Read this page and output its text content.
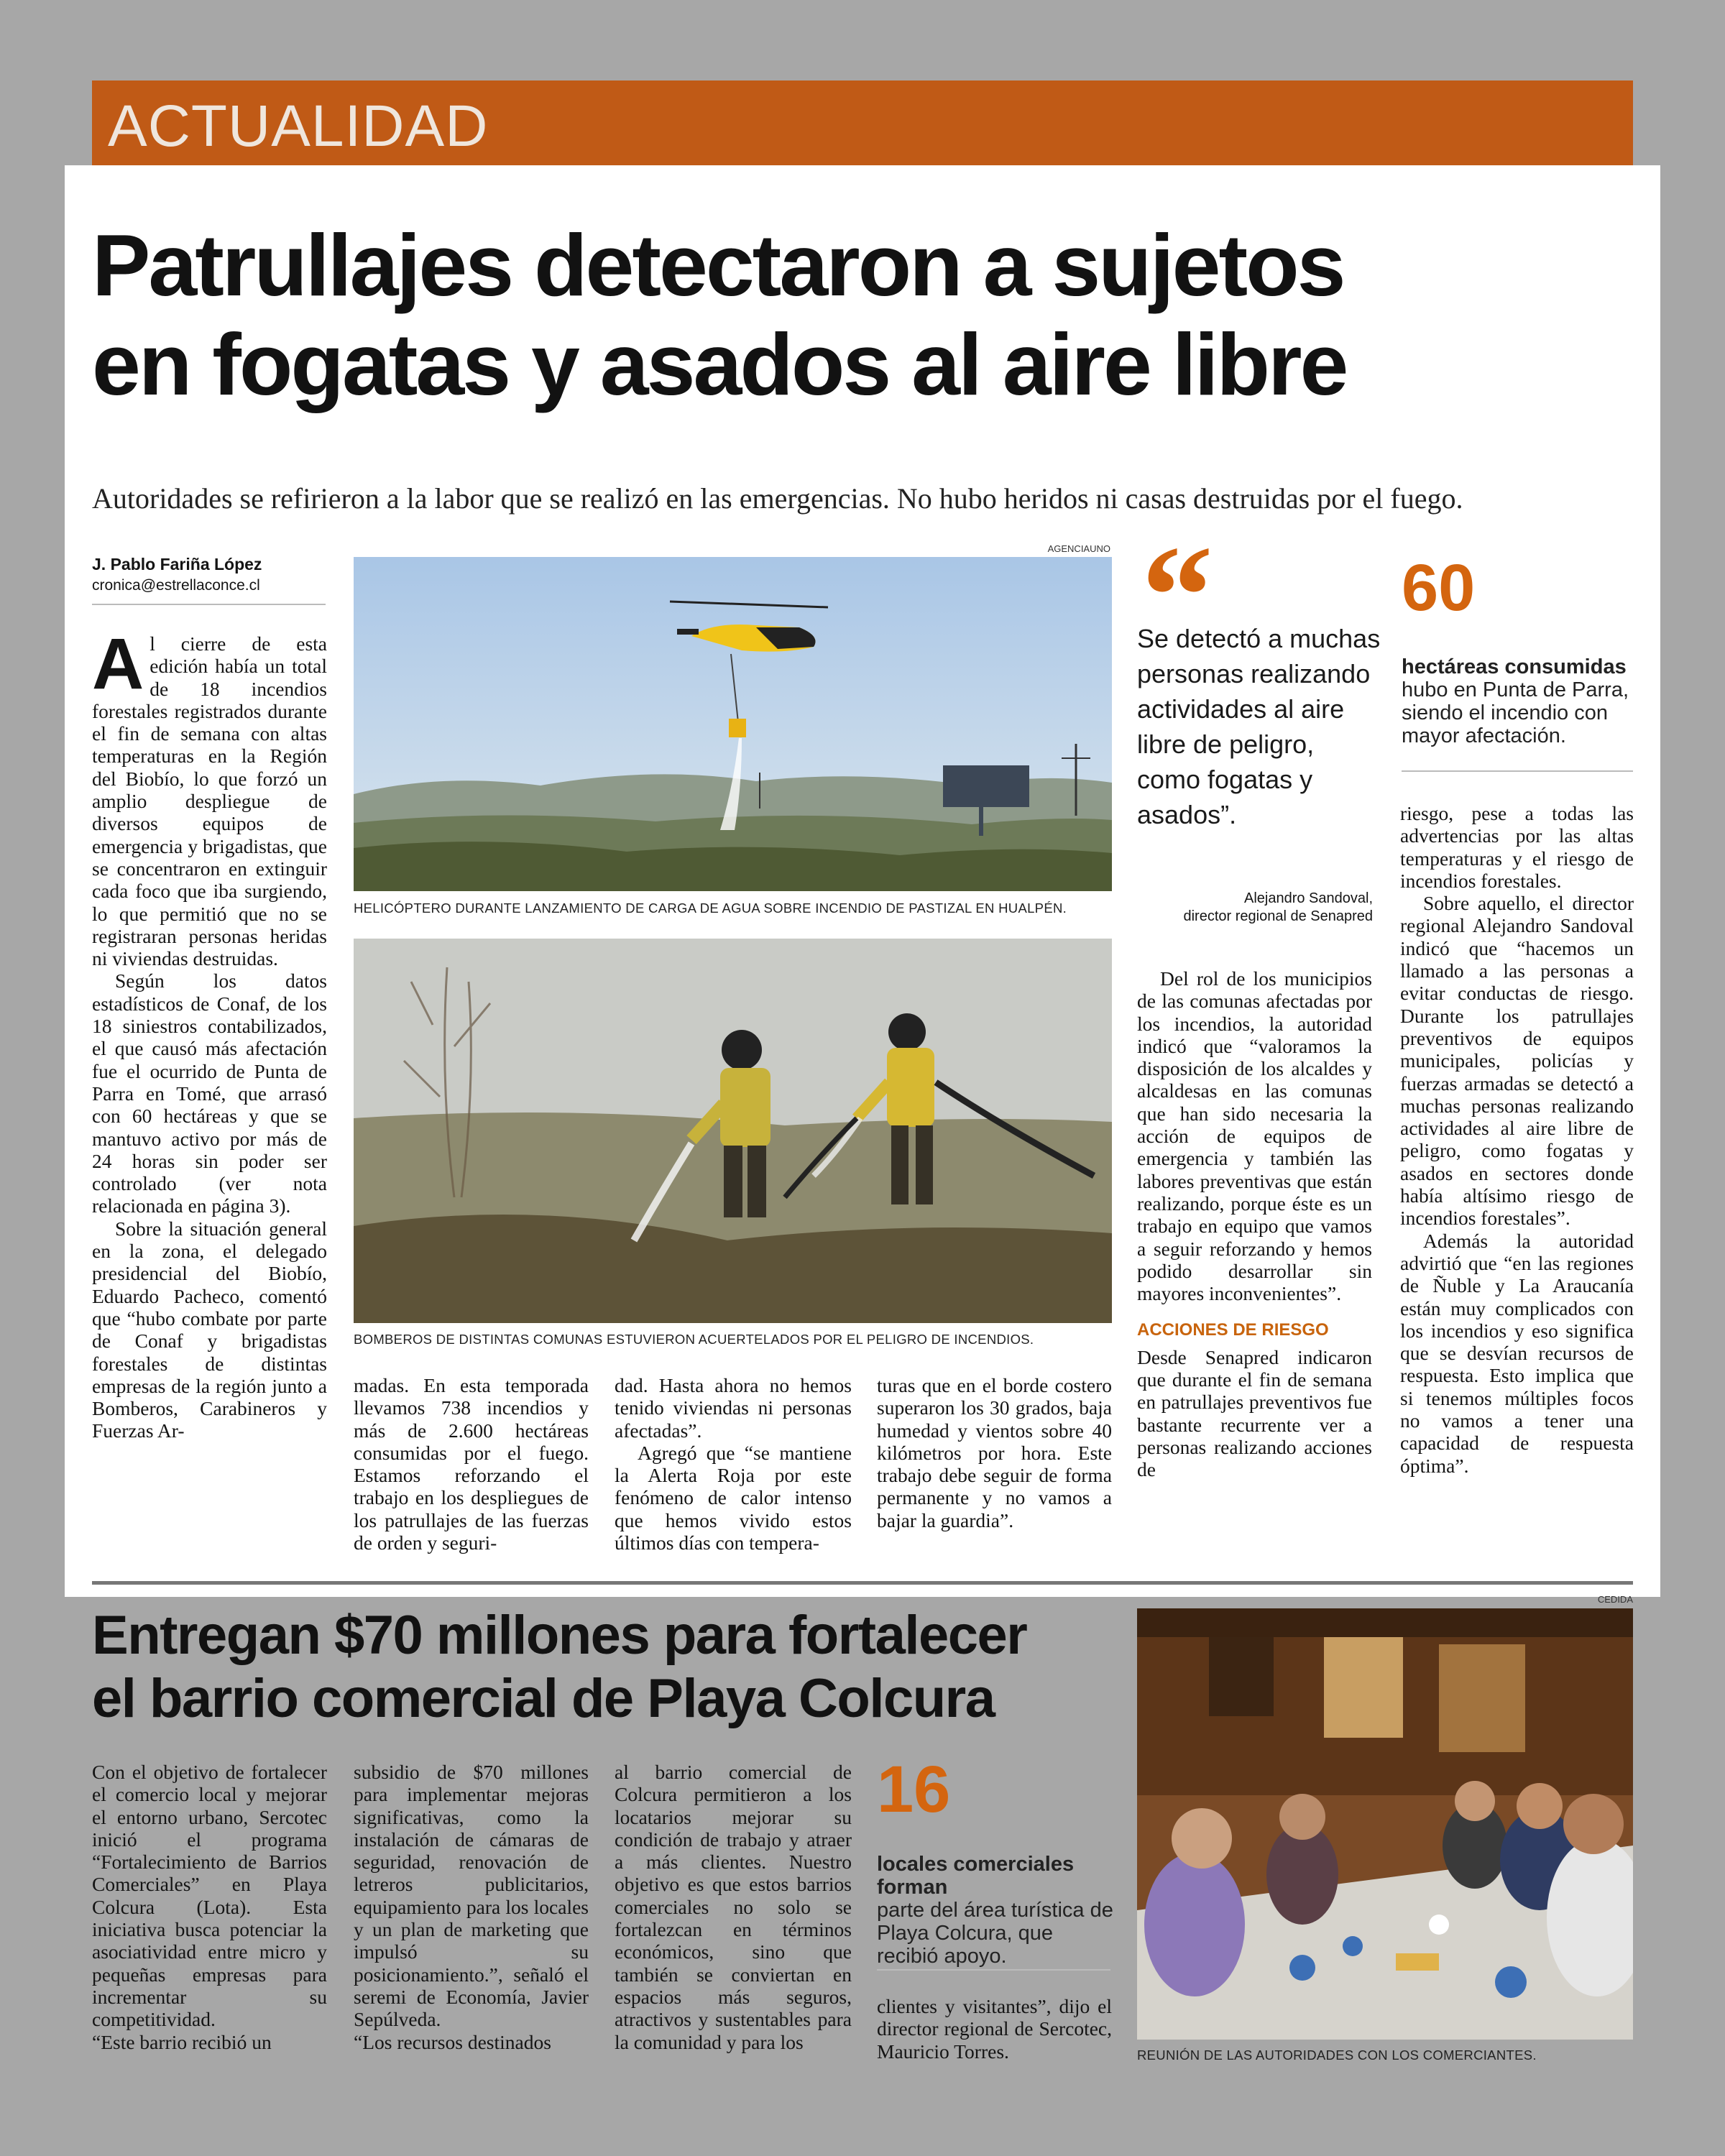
ACTUALIDAD
Patrullajes detectaron a sujetos
en fogatas y asados al aire libre
Autoridades se refirieron a la labor que se realizó en las emergencias. No hubo heridos ni casas destruidas por el fuego.
J. Pablo Fariña López
cronica@estrellaconce.cl

Al cierre de esta edición había un total de 18 incendios forestales registrados durante el fin de semana con altas temperaturas en la Región del Biobío, lo que forzó un amplio despliegue de diversos equipos de emergencia y brigadistas, que se concentraron en extinguir cada foco que iba surgiendo, lo que permitió que no se registraran personas heridas ni viviendas destruidas.

Según los datos estadísticos de Conaf, de los 18 siniestros contabilizados, el que causó más afectación fue el ocurrido de Punta de Parra en Tomé, que arrasó con 60 hectáreas y que se mantuvo activo por más de 24 horas sin poder ser controlado (ver nota relacionada en página 3).

Sobre la situación general en la zona, el delegado presidencial del Biobío, Eduardo Pacheco, comentó que “hubo combate por parte de Conaf y brigadistas forestales de distintas empresas de la región junto a Bomberos, Carabineros y Fuerzas Ar-

AGENCIAUNO
HELICÓPTERO DURANTE LANZAMIENTO DE CARGA DE AGUA SOBRE INCENDIO DE PASTIZAL EN HUALPÉN.
BOMBEROS DE DISTINTAS COMUNAS ESTUVIERON ACUERTELADOS POR EL PELIGRO DE INCENDIOS.

madas. En esta temporada llevamos 738 incendios y más de 2.600 hectáreas consumidas por el fuego. Estamos reforzando el trabajo en los despliegues de los patrullajes de las fuerzas de orden y seguri-

dad. Hasta ahora no hemos tenido viviendas ni personas afectadas”.

Agregó que “se mantiene la Alerta Roja por este fenómeno de calor intenso que hemos vivido estos últimos días con tempera-

turas que en el borde costero superaron los 30 grados, baja humedad y vientos sobre 40 kilómetros por hora. Este trabajo debe seguir de forma permanente y no vamos a bajar la guardia”.

“
Se detectó a muchas personas realizando actividades al aire libre de peligro, como fogatas y asados”.
Alejandro Sandoval,
director regional de Senapred
60
hectáreas consumidas
hubo en Punta de Parra, siendo el incendio con mayor afectación.

Del rol de los municipios de las comunas afectadas por los incendios, la autoridad indicó que “valoramos la disposición de los alcaldes y alcaldesas en las comunas que han sido necesaria la acción de equipos de emergencia y también las labores preventivas que están realizando, porque éste es un trabajo en equipo que vamos a seguir reforzando y hemos podido desarrollar sin mayores inconvenientes”.

ACCIONES DE RIESGO

Desde Senapred indicaron que durante el fin de semana en patrullajes preventivos fue bastante recurrente ver a personas realizando acciones de

riesgo, pese a todas las advertencias por las altas temperaturas y el riesgo de incendios forestales.

Sobre aquello, el director regional Alejandro Sandoval indicó que “hacemos un llamado a las personas a evitar conductas de riesgo. Durante los patrullajes preventivos de equipos municipales, policías y fuerzas armadas se detectó a muchas personas realizando actividades al aire libre de peligro, como fogatas y asados en sectores donde había altísimo riesgo de incendios forestales”.

Además la autoridad advirtió que “en las regiones de Ñuble y La Araucanía están muy complicados con los incendios y eso significa que se desvían recursos de respuesta. Esto implica que si tenemos múltiples focos no vamos a tener una capacidad de respuesta óptima”.

Entregan $70 millones para fortalecer
el barrio comercial de Playa Colcura

Con el objetivo de fortalecer el comercio local y mejorar el entorno urbano, Sercotec inició el programa “Fortalecimiento de Barrios Comerciales” en Playa Colcura (Lota). Esta iniciativa busca potenciar la asociatividad entre micro y pequeñas empresas para incrementar su competitividad.

“Este barrio recibió un

subsidio de $70 millones para implementar mejoras significativas, como la instalación de cámaras de seguridad, renovación de letreros publicitarios, equipamiento para los locales y un plan de marketing que impulsó su posicionamiento.”, señaló el seremi de Economía, Javier Sepúlveda.

“Los recursos destinados

al barrio comercial de Colcura permitieron a los locatarios mejorar su condición de trabajo y atraer a más clientes. Nuestro objetivo es que estos barrios comerciales no solo se fortalezcan en términos económicos, sino que también se conviertan en espacios más seguros, atractivos y sustentables para la comunidad y para los

16
locales comerciales forman
parte del área turística de Playa Colcura, que recibió apoyo.

clientes y visitantes”, dijo el director regional de Sercotec, Mauricio Torres.

CEDIDA
REUNIÓN DE LAS AUTORIDADES CON LOS COMERCIANTES.
